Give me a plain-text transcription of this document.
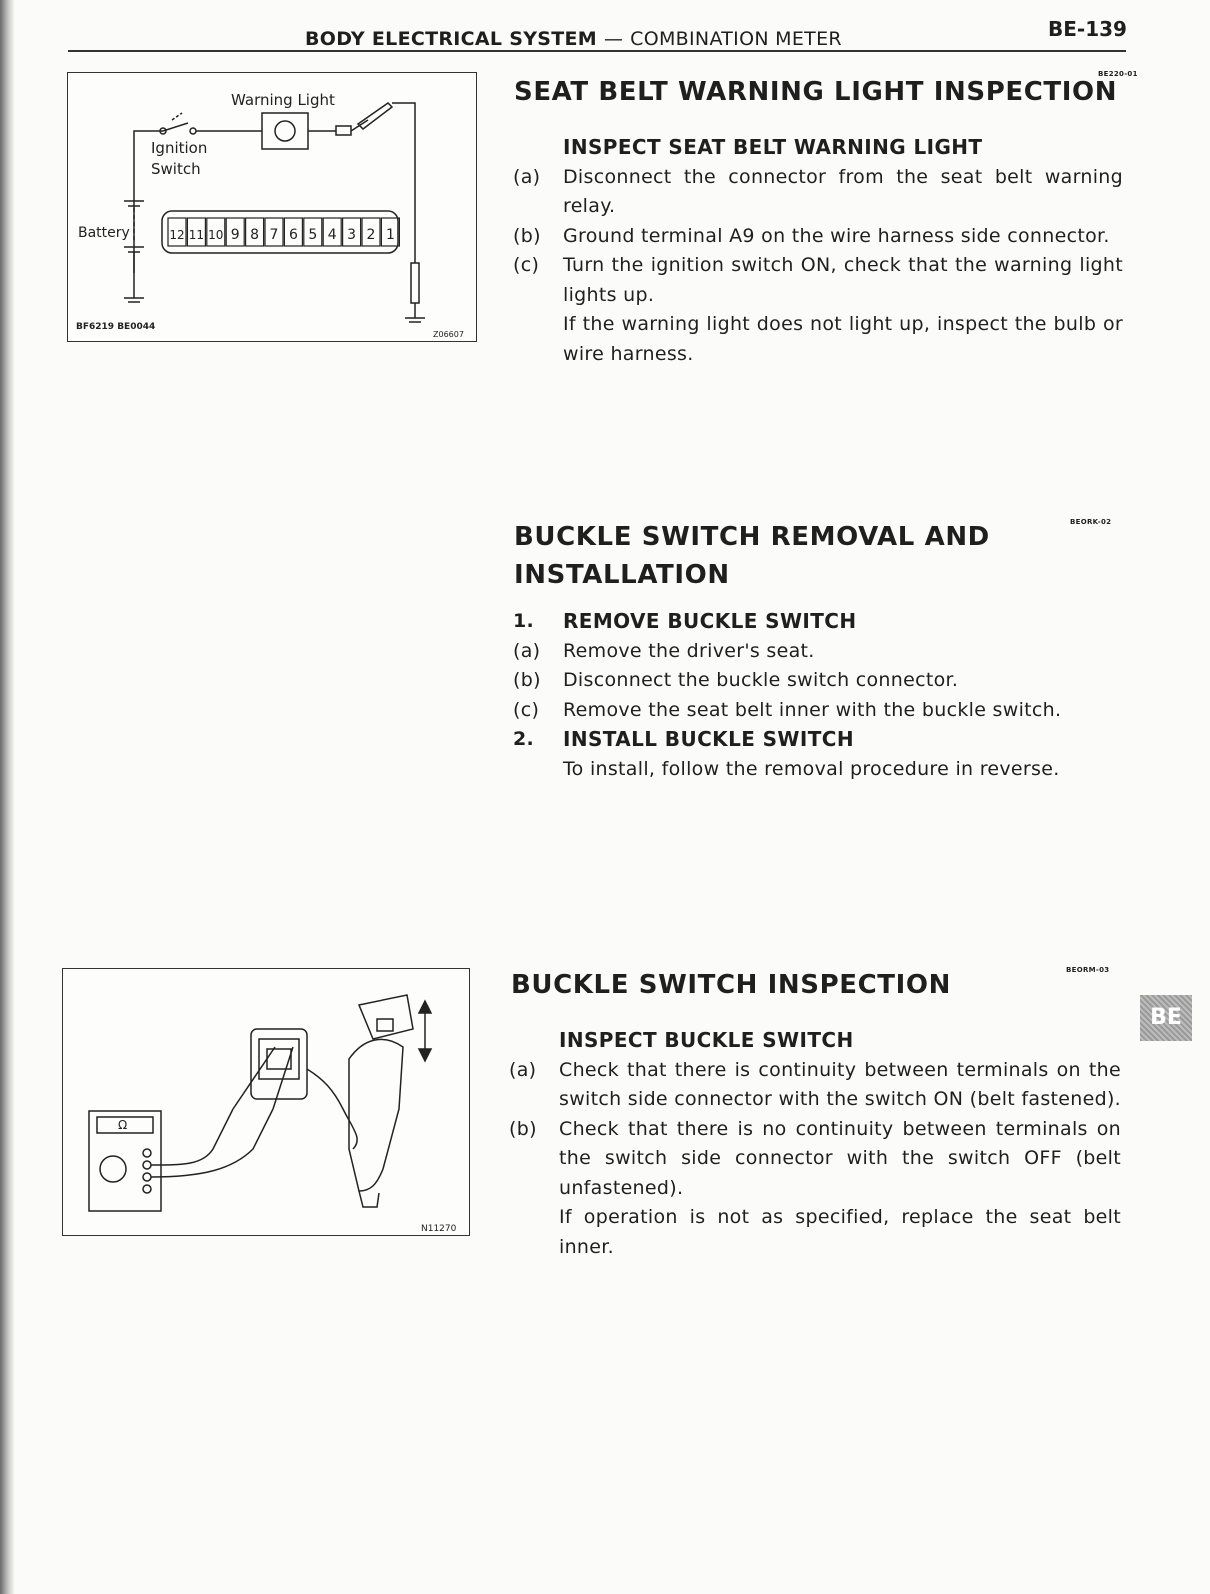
BODY ELECTRICAL SYSTEM — COMBINATION METER	BE-139
Warning Light
Ignition
Switch
Battery	12 11 10 9 8 7 6 5 4 3 2 1
BF6219 BE0044
Z06607
BE220-01
SEAT BELT WARNING LIGHT INSPECTION
INSPECT SEAT BELT WARNING LIGHT
(a)	Disconnect the connector from the seat belt warning relay.
(b)	Ground terminal A9 on the wire harness side connector.
(c)	Turn the ignition switch ON, check that the warning light lights up.
If the warning light does not light up, inspect the bulb or wire harness.
BEORK-02
BUCKLE SWITCH REMOVAL AND
INSTALLATION
1.	REMOVE BUCKLE SWITCH
(a)	Remove the driver's seat.
(b)	Disconnect the buckle switch connector.
(c)	Remove the seat belt inner with the buckle switch.
2.	INSTALL BUCKLE SWITCH
To install, follow the removal procedure in reverse.
Ω
N11270
BEORM-03
BUCKLE SWITCH INSPECTION
INSPECT BUCKLE SWITCH
(a)	Check that there is continuity between terminals on the switch side connector with the switch ON (belt fastened).
(b)	Check that there is no continuity between terminals on the switch side connector with the switch OFF (belt unfastened).
If operation is not as specified, replace the seat belt inner.
BE
